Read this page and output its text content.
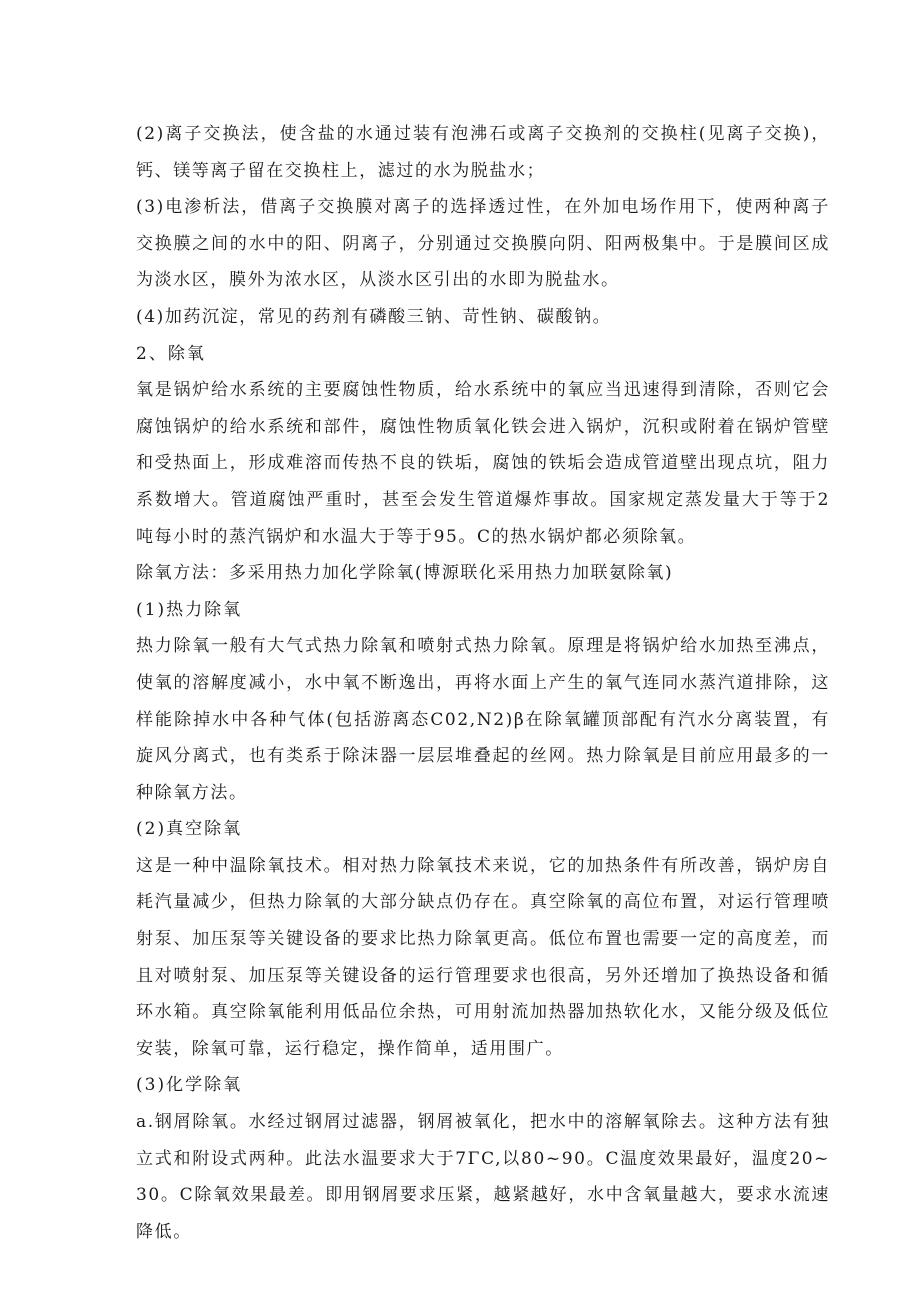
(2)离子交换法，使含盐的水通过装有泡沸石或离子交换剂的交换柱(见离子交换)，钙、镁等离子留在交换柱上，滤过的水为脱盐水；

(3)电渗析法，借离子交换膜对离子的选择透过性，在外加电场作用下，使两种离子交换膜之间的水中的阳、阴离子，分别通过交换膜向阴、阳两极集中。于是膜间区成为淡水区，膜外为浓水区，从淡水区引出的水即为脱盐水。

(4)加药沉淀，常见的药剂有磷酸三钠、苛性钠、碳酸钠。

2、除氧

氧是锅炉给水系统的主要腐蚀性物质，给水系统中的氧应当迅速得到清除，否则它会腐蚀锅炉的给水系统和部件，腐蚀性物质氧化铁会进入锅炉，沉积或附着在锅炉管壁和受热面上，形成难溶而传热不良的铁垢，腐蚀的铁垢会造成管道壁出现点坑，阻力系数增大。管道腐蚀严重时，甚至会发生管道爆炸事故。国家规定蒸发量大于等于2吨每小时的蒸汽锅炉和水温大于等于95。C的热水锅炉都必须除氧。

除氧方法：多采用热力加化学除氧(博源联化采用热力加联氨除氧)

(1)热力除氧

热力除氧一般有大气式热力除氧和喷射式热力除氧。原理是将锅炉给水加热至沸点，使氧的溶解度减小，水中氧不断逸出，再将水面上产生的氧气连同水蒸汽道排除，这样能除掉水中各种气体(包括游离态C02,N2)β在除氧罐顶部配有汽水分离装置，有旋风分离式，也有类系于除沫器一层层堆叠起的丝网。热力除氧是目前应用最多的一种除氧方法。

(2)真空除氧

这是一种中温除氧技术。相对热力除氧技术来说，它的加热条件有所改善，锅炉房自耗汽量减少，但热力除氧的大部分缺点仍存在。真空除氧的高位布置，对运行管理喷射泵、加压泵等关键设备的要求比热力除氧更高。低位布置也需要一定的高度差，而且对喷射泵、加压泵等关键设备的运行管理要求也很高，另外还增加了换热设备和循环水箱。真空除氧能利用低品位余热，可用射流加热器加热软化水，又能分级及低位安装，除氧可靠，运行稳定，操作简单，适用围广。

(3)化学除氧

a.钢屑除氧。水经过钢屑过滤器，钢屑被氧化，把水中的溶解氧除去。这种方法有独立式和附设式两种。此法水温要求大于7ΓC,以80~90。C温度效果最好，温度20~30。C除氧效果最差。即用钢屑要求压紧，越紧越好，水中含氧量越大，要求水流速降低。
